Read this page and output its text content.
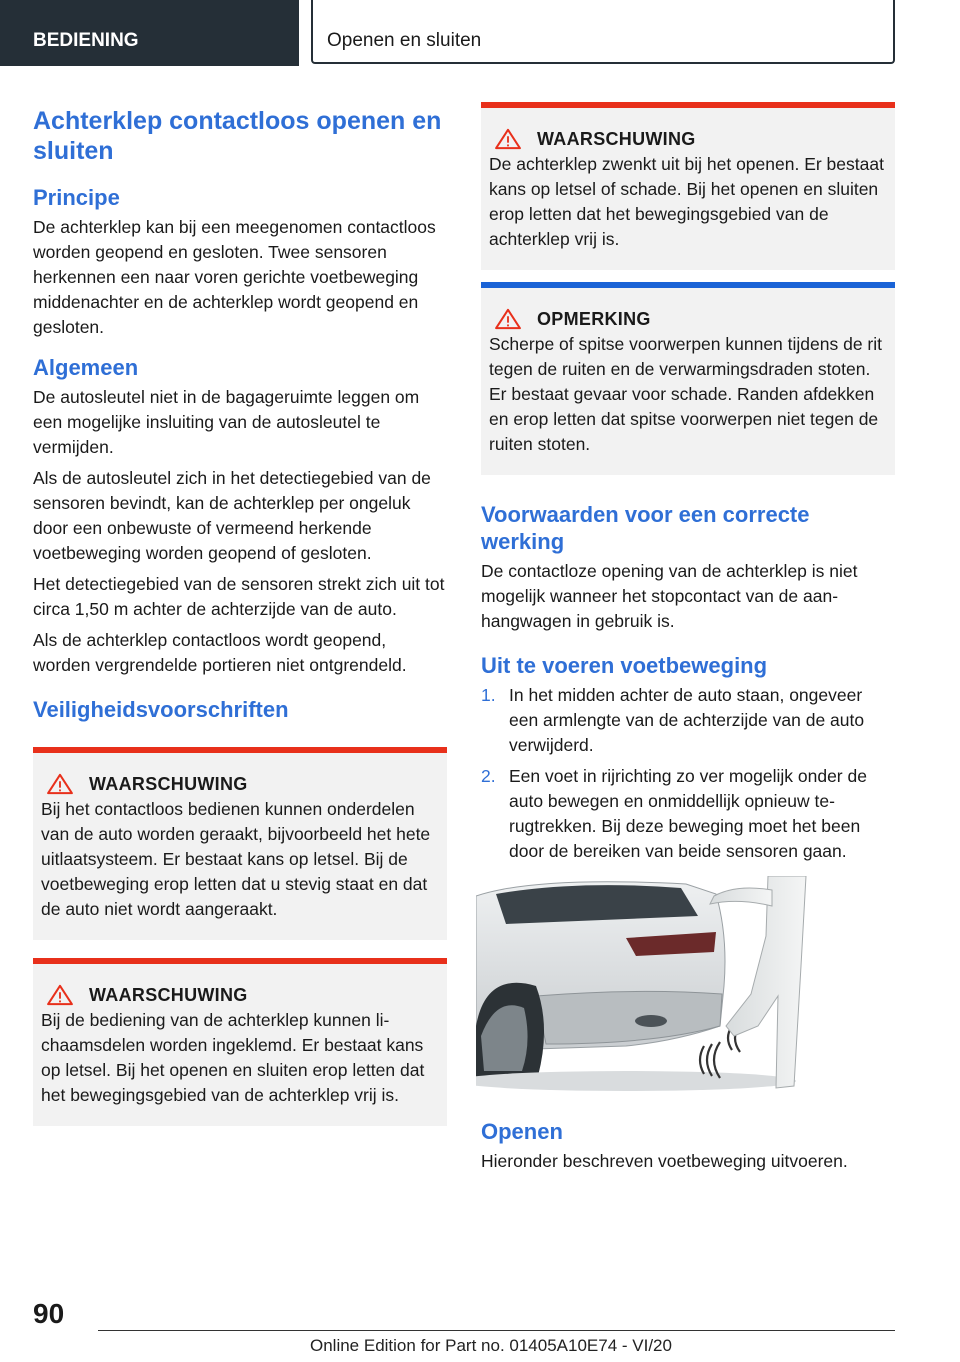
BEDIENING	Openen en sluiten
Achterklep contactloos openen en sluiten
Principe

De achterklep kan bij een meegenomen contactloos worden geopend en gesloten. Twee sensoren herkennen een naar voren gerichte voetbeweging middenachter en de achterklep wordt geopend en gesloten.

Algemeen

De autosleutel niet in de bagageruimte leggen om een mogelijke insluiting van de autosleutel te vermijden.

Als de autosleutel zich in het detectiegebied van de sensoren bevindt, kan de achterklep per ongeluk door een onbewuste of vermeend herkende voetbeweging worden geopend of gesloten.

Het detectiegebied van de sensoren strekt zich uit tot circa 1,50 m achter de achterzijde van de auto.

Als de achterklep contactloos wordt geopend, worden vergrendelde portieren niet ontgrendeld.

Veiligheidsvoorschriften
WAARSCHUWING

Bij het contactloos bedienen kunnen onderdelen van de auto worden geraakt, bijvoorbeeld het hete uitlaatsysteem. Er bestaat kans op letsel. Bij de voetbeweging erop letten dat u stevig staat en dat de auto niet wordt aangeraakt.

WAARSCHUWING

Bij de bediening van de achterklep kunnen lichaamsdelen worden ingeklemd. Er bestaat kans op letsel. Bij het openen en sluiten erop letten dat het bewegingsgebied van de achterklep vrij is.

WAARSCHUWING

De achterklep zwenkt uit bij het openen. Er bestaat kans op letsel of schade. Bij het openen en sluiten erop letten dat het bewegingsgebied van de achterklep vrij is.

OPMERKING

Scherpe of spitse voorwerpen kunnen tijdens de rit tegen de ruiten en de verwarmingsdraden stoten. Er bestaat gevaar voor schade. Randen afdekken en erop letten dat spitse voorwerpen niet tegen de ruiten stoten.

Voorwaarden voor een correcte werking

De contactloze opening van de achterklep is niet mogelijk wanneer het stopcontact van de aanhangwagen in gebruik is.

Uit te voeren voetbeweging
1. In het midden achter de auto staan, ongeveer een armlengte van de achterzijde van de auto verwijderd.
2. Een voet in rijrichting zo ver mogelijk onder de auto bewegen en onmiddellijk opnieuw terugtrekken. Bij deze beweging moet het been door de bereiken van beide sensoren gaan.
Openen

Hieronder beschreven voetbeweging uitvoeren.

90
Online Edition for Part no. 01405A10E74 - VI/20
